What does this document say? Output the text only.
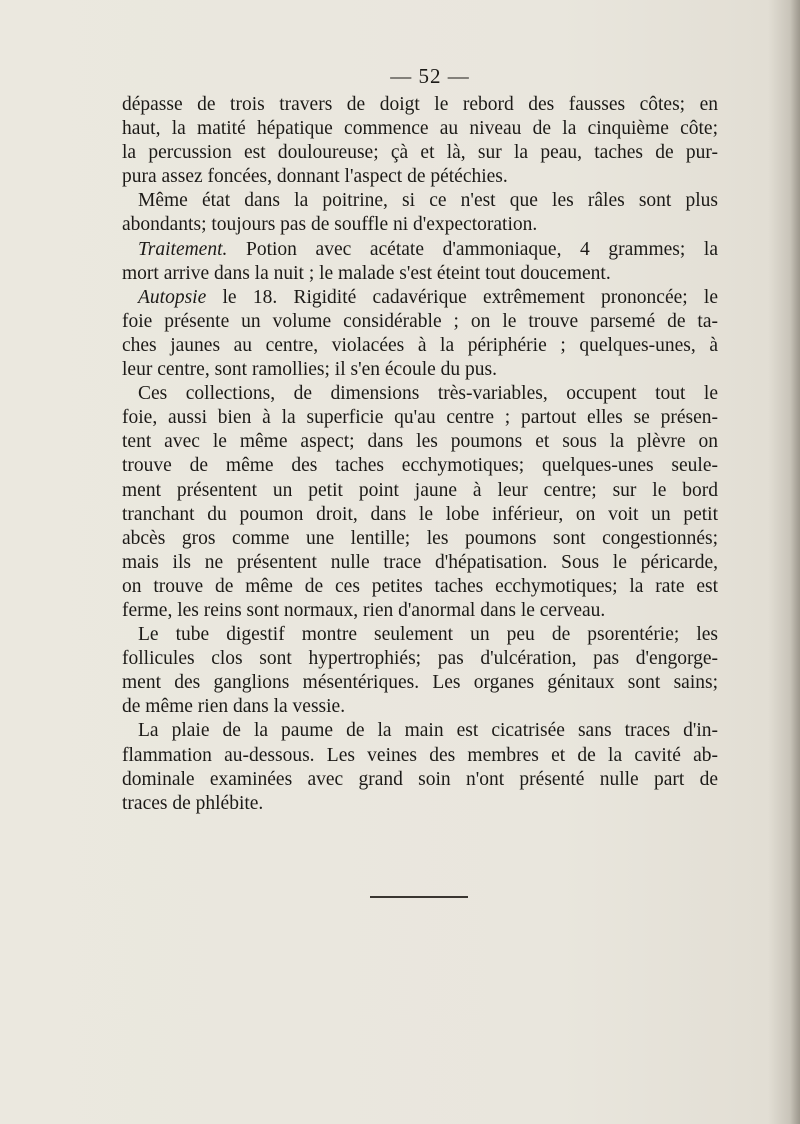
— 52 —
dépasse de trois travers de doigt le rebord des fausses côtes; en
haut, la matité hépatique commence au niveau de la cinquième côte;
la percussion est douloureuse; çà et là, sur la peau, taches de pur-
pura assez foncées, donnant l'aspect de pétéchies.
Même état dans la poitrine, si ce n'est que les râles sont plus
abondants; toujours pas de souffle ni d'expectoration.
Traitement. Potion avec acétate d'ammoniaque, 4 grammes; la
mort arrive dans la nuit ; le malade s'est éteint tout doucement.
Autopsie le 18. Rigidité cadavérique extrêmement prononcée; le
foie présente un volume considérable ; on le trouve parsemé de ta-
ches jaunes au centre, violacées à la périphérie ; quelques-unes, à
leur centre, sont ramollies; il s'en écoule du pus.
Ces collections, de dimensions très-variables, occupent tout le
foie, aussi bien à la superficie qu'au centre ; partout elles se présen-
tent avec le même aspect; dans les poumons et sous la plèvre on
trouve de même des taches ecchymotiques; quelques-unes seule-
ment présentent un petit point jaune à leur centre; sur le bord
tranchant du poumon droit, dans le lobe inférieur, on voit un petit
abcès gros comme une lentille; les poumons sont congestionnés;
mais ils ne présentent nulle trace d'hépatisation. Sous le péricarde,
on trouve de même de ces petites taches ecchymotiques; la rate est
ferme, les reins sont normaux, rien d'anormal dans le cerveau.
Le tube digestif montre seulement un peu de psorentérie; les
follicules clos sont hypertrophiés; pas d'ulcération, pas d'engorge-
ment des ganglions mésentériques. Les organes génitaux sont sains;
de même rien dans la vessie.
La plaie de la paume de la main est cicatrisée sans traces d'in-
flammation au-dessous. Les veines des membres et de la cavité ab-
dominale examinées avec grand soin n'ont présenté nulle part de
traces de phlébite.
